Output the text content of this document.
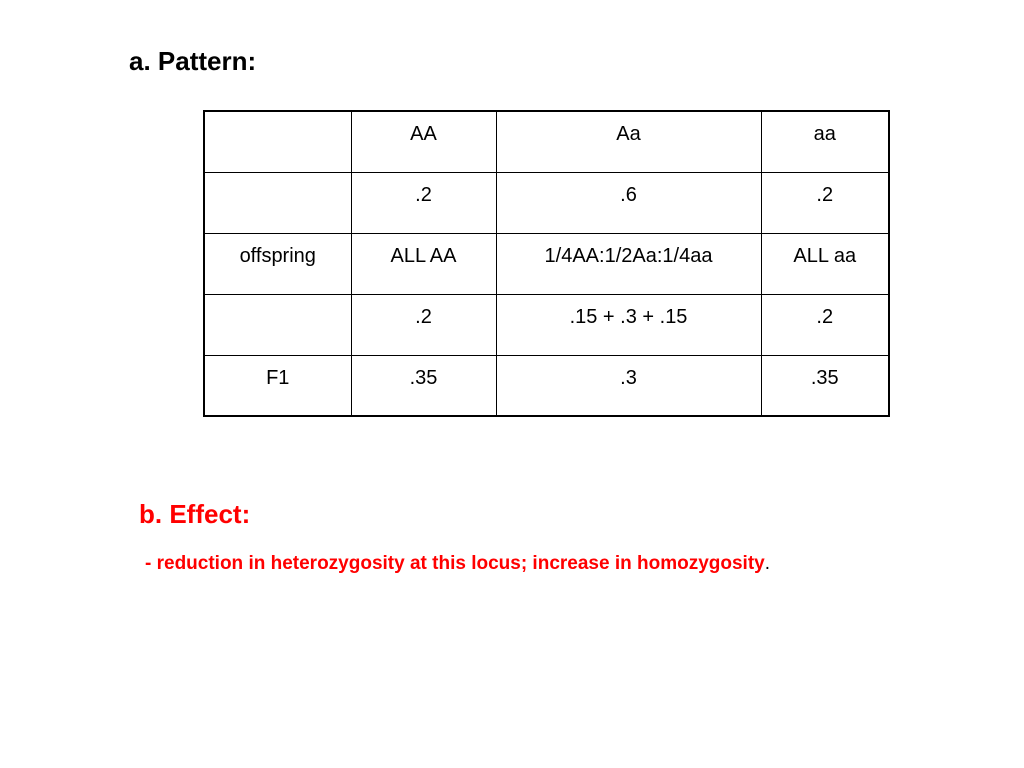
a. Pattern:
	AA	Aa	aa
	.2	.6	.2
offspring	ALL AA	1/4AA:1/2Aa:1/4aa	ALL aa
	.2	.15 + .3 + .15	.2
F1	.35	.3	.35
b. Effect:

- reduction in heterozygosity at this locus; increase in homozygosity.
